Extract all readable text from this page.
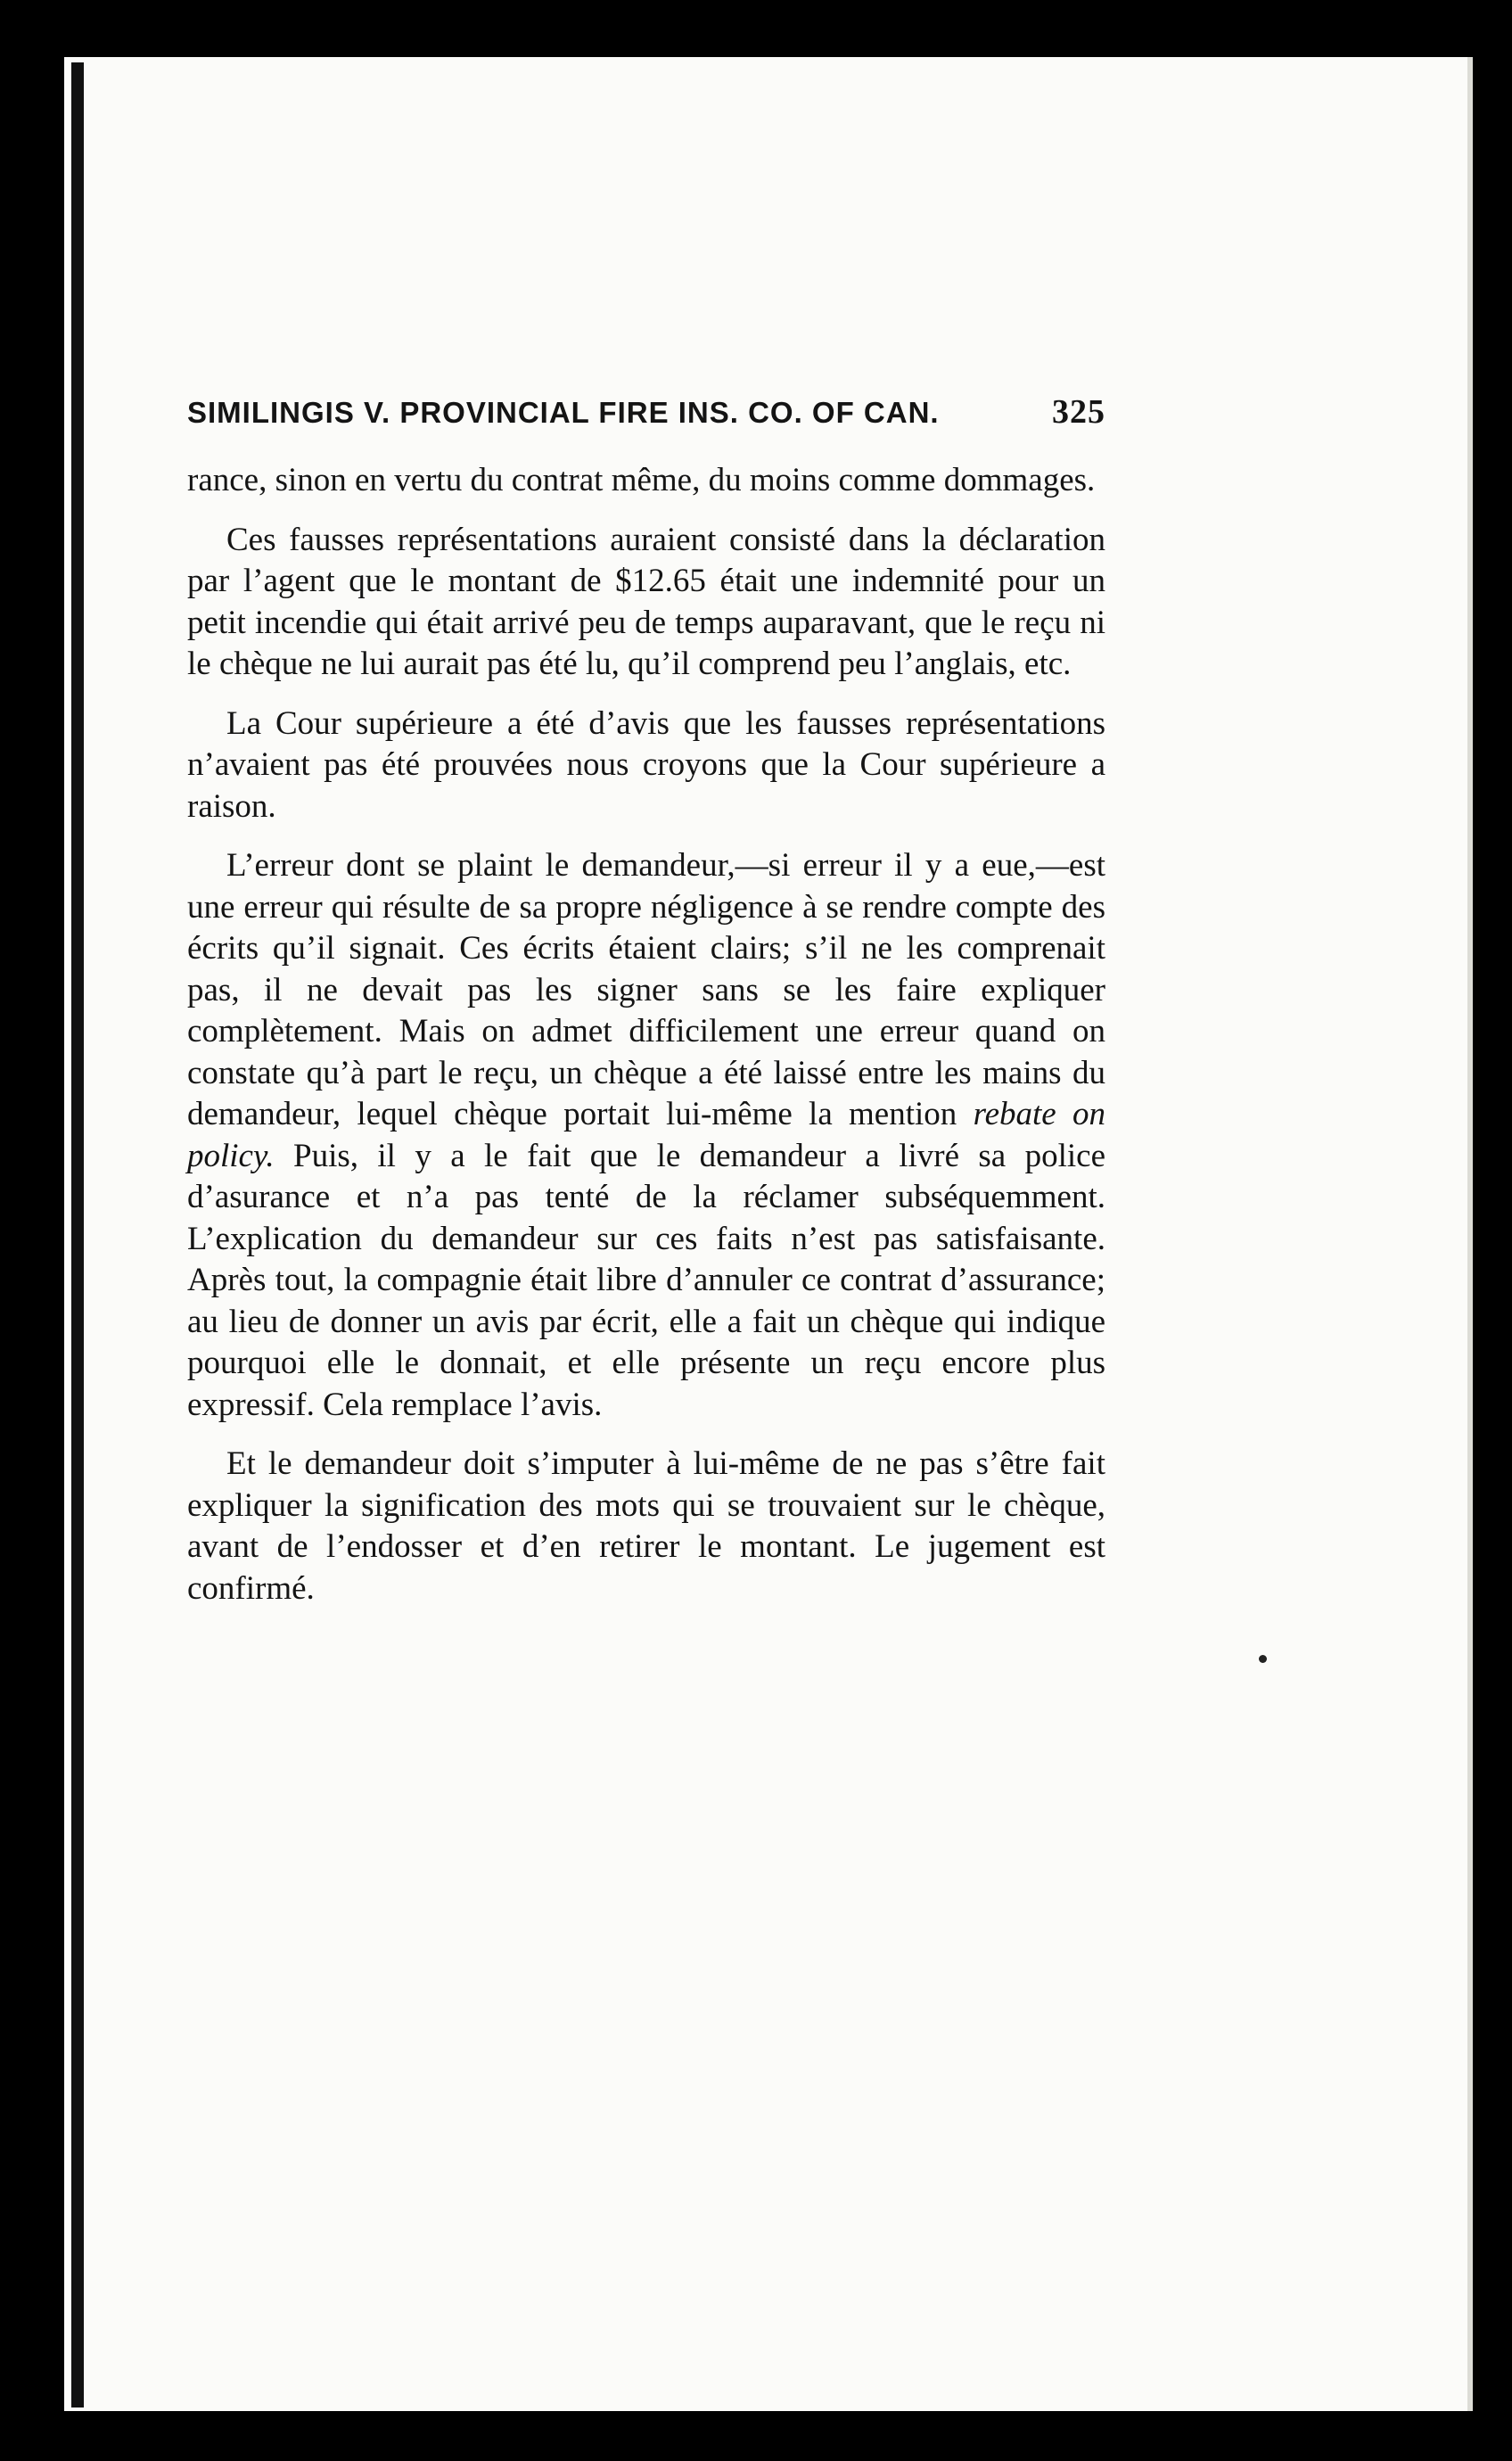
SIMILINGIS V. PROVINCIAL FIRE INS. CO. OF CAN.	325

rance, sinon en vertu du contrat même, du moins comme dommages.

Ces fausses représentations auraient consisté dans la déclaration par l’agent que le montant de $12.65 était une indemnité pour un petit incendie qui était arrivé peu de temps auparavant, que le reçu ni le chèque ne lui aurait pas été lu, qu’il comprend peu l’anglais, etc.

La Cour supérieure a été d’avis que les fausses représentations n’avaient pas été prouvées nous croyons que la Cour supérieure a raison.

L’erreur dont se plaint le demandeur,—si erreur il y a eue,—est une erreur qui résulte de sa propre négligence à se rendre compte des écrits qu’il signait. Ces écrits étaient clairs; s’il ne les comprenait pas, il ne devait pas les signer sans se les faire expliquer complètement. Mais on admet difficilement une erreur quand on constate qu’à part le reçu, un chèque a été laissé entre les mains du demandeur, lequel chèque portait lui-même la mention rebate on policy. Puis, il y a le fait que le demandeur a livré sa police d’asurance et n’a pas tenté de la réclamer subséquemment. L’explication du demandeur sur ces faits n’est pas satisfaisante. Après tout, la compagnie était libre d’annuler ce contrat d’assurance; au lieu de donner un avis par écrit, elle a fait un chèque qui indique pourquoi elle le donnait, et elle présente un reçu encore plus expressif. Cela remplace l’avis.

Et le demandeur doit s’imputer à lui-même de ne pas s’être fait expliquer la signification des mots qui se trouvaient sur le chèque, avant de l’endosser et d’en retirer le montant. Le jugement est confirmé.
